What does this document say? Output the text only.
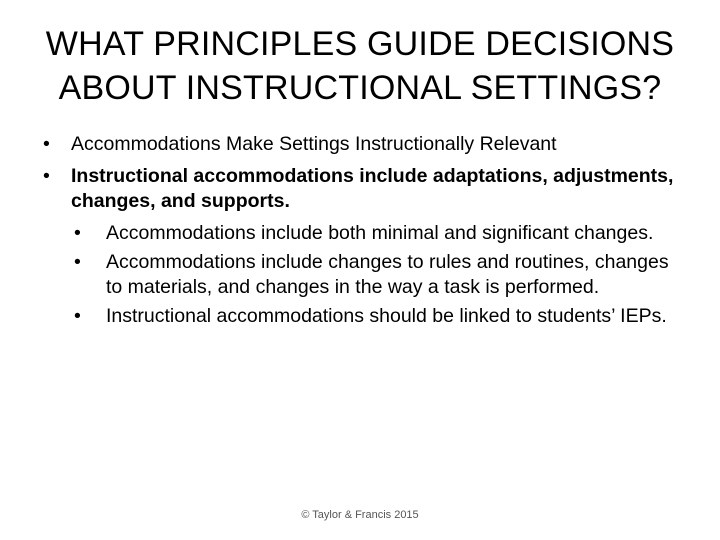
WHAT PRINCIPLES GUIDE DECISIONS
ABOUT INSTRUCTIONAL SETTINGS?
• Accommodations Make Settings Instructionally Relevant
• Instructional accommodations include adaptations, adjustments, changes, and supports.
• Accommodations include both minimal and significant changes.
• Accommodations include changes to rules and routines, changes to materials, and changes in the way a task is performed.
• Instructional accommodations should be linked to students’ IEPs.
© Taylor & Francis 2015
